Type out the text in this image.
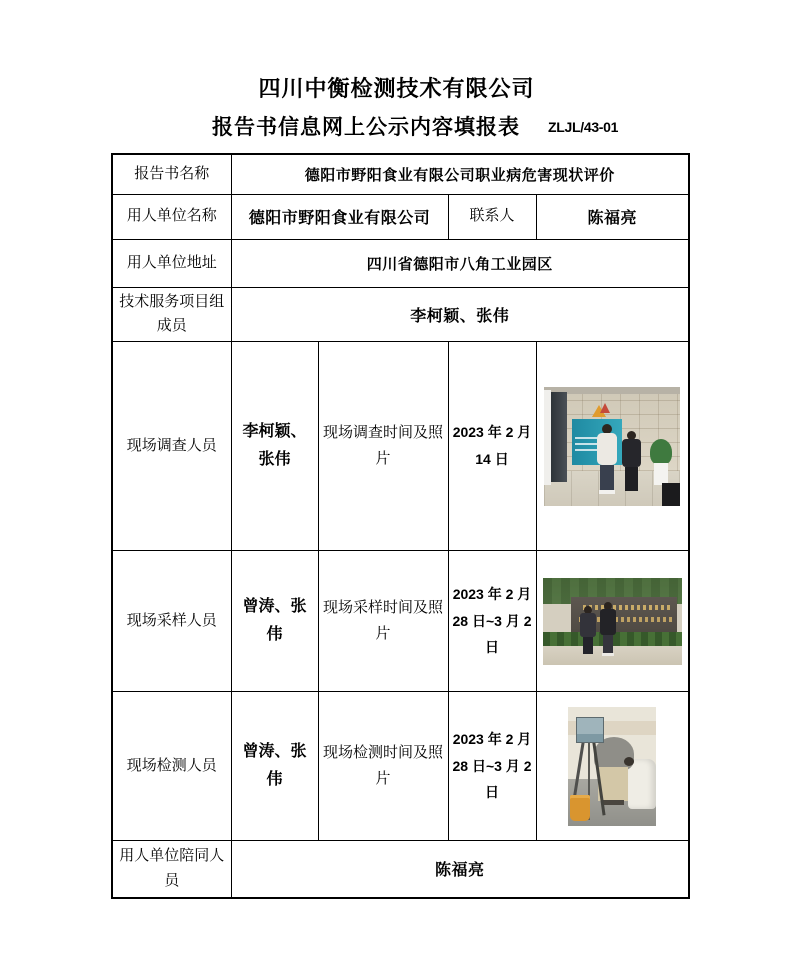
四川中衡检测技术有限公司
报告书信息网上公示内容填报表 ZLJL/43-01
报告书名称	德阳市野阳食业有限公司职业病危害现状评价			
用人单位名称	德阳市野阳食业有限公司		联系人	陈福亮
用人单位地址	四川省德阳市八角工业园区			
技术服务项目组成员	李柯颖、张伟			
现场调查人员	李柯颖、张伟	现场调查时间及照片	2023 年 2 月 14 日	

现场采样人员	曾涛、张伟	现场采样时间及照片	2023 年 2 月 28 日~3 月 2 日	

现场检测人员	曾涛、张伟	现场检测时间及照片	2023 年 2 月 28 日~3 月 2 日	

用人单位陪同人员	陈福亮			
